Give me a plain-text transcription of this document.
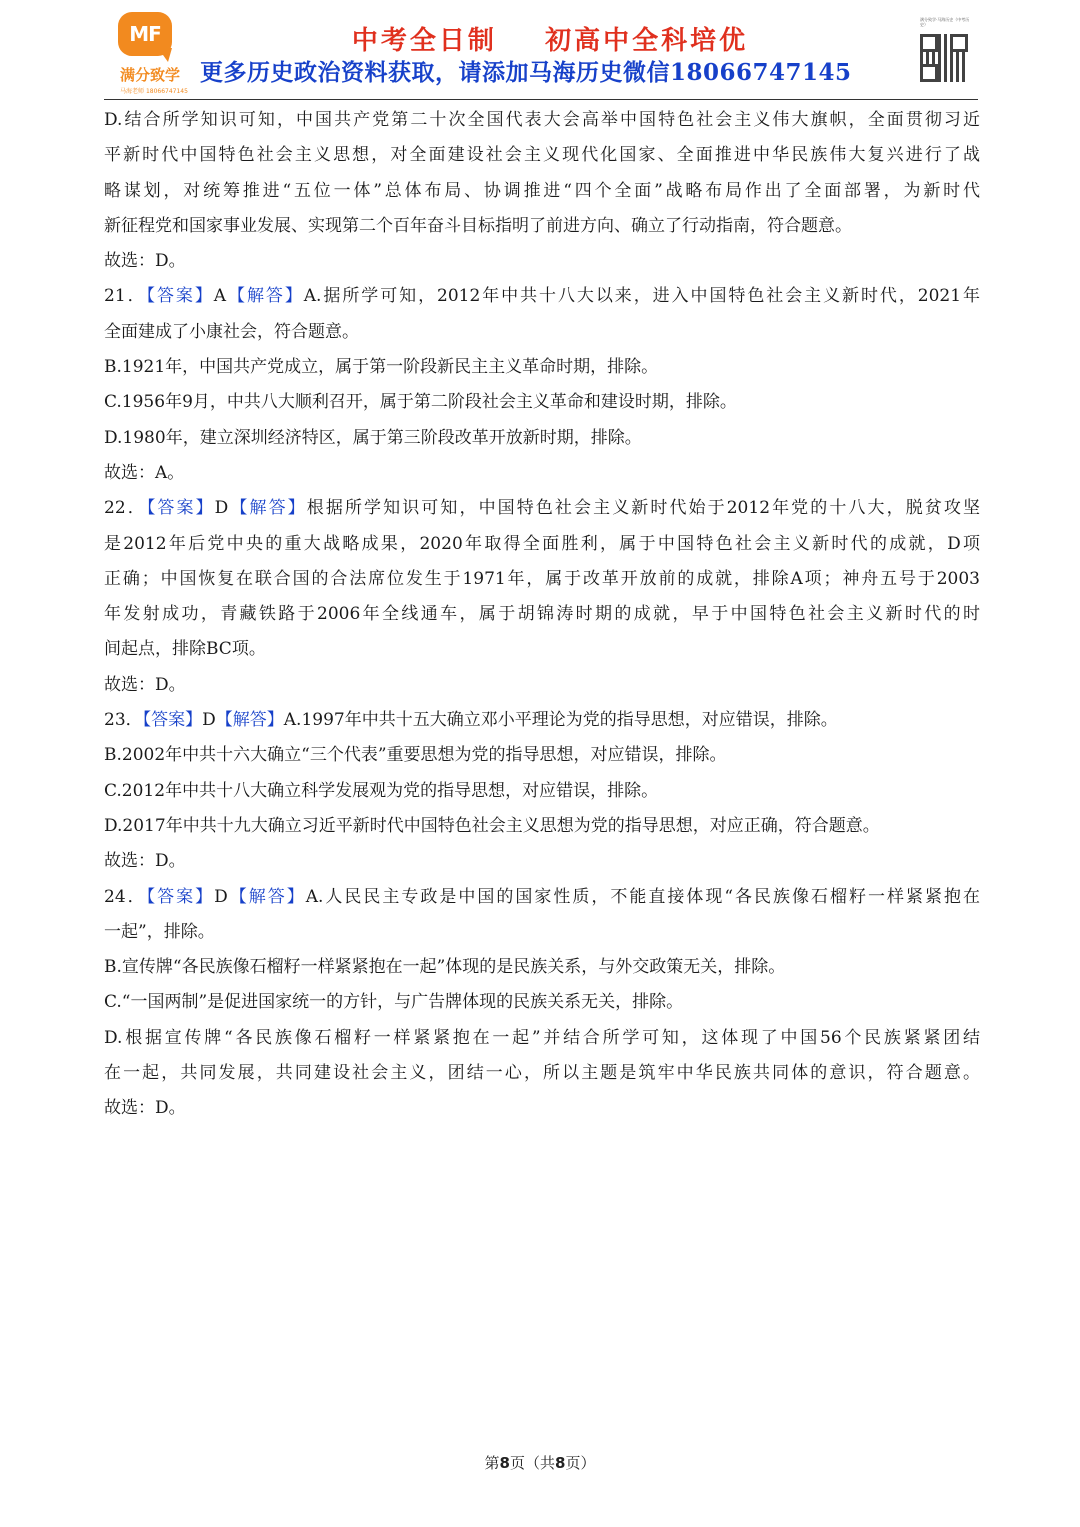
MF
满分致学
马海老师 18066747145
中考全日制    初高中全科培优
更多历史政治资料获取，请添加马海历史微信18066747145
满分致学·马海历史（中考历史）
D.结合所学知识可知，中国共产党第二十次全国代表大会高举中国特色社会主义伟大旗帜，全面贯彻习近
平新时代中国特色社会主义思想，对全面建设社会主义现代化国家、全面推进中华民族伟大复兴进行了战
略谋划，对统筹推进“五位一体”总体布局、协调推进“四个全面”战略布局作出了全面部署，为新时代
新征程党和国家事业发展、实现第二个百年奋斗目标指明了前进方向、确立了行动指南，符合题意。
故选：D。
21．【答案】A【解答】A.据所学可知，2012年中共十八大以来，进入中国特色社会主义新时代，2021年
全面建成了小康社会，符合题意。
B.1921年，中国共产党成立，属于第一阶段新民主主义革命时期，排除。
C.1956年9月，中共八大顺利召开，属于第二阶段社会主义革命和建设时期，排除。
D.1980年，建立深圳经济特区，属于第三阶段改革开放新时期，排除。
故选：A。
22．【答案】D【解答】根据所学知识可知，中国特色社会主义新时代始于2012年党的十八大，脱贫攻坚
是2012年后党中央的重大战略成果，2020年取得全面胜利，属于中国特色社会主义新时代的成就，D项
正确；中国恢复在联合国的合法席位发生于1971年，属于改革开放前的成就，排除A项；神舟五号于2003
年发射成功，青藏铁路于2006年全线通车，属于胡锦涛时期的成就，早于中国特色社会主义新时代的时
间起点，排除BC项。
故选：D。
23．【答案】D【解答】A.1997年中共十五大确立邓小平理论为党的指导思想，对应错误，排除。
B.2002年中共十六大确立“三个代表”重要思想为党的指导思想，对应错误，排除。
C.2012年中共十八大确立科学发展观为党的指导思想，对应错误，排除。
D.2017年中共十九大确立习近平新时代中国特色社会主义思想为党的指导思想，对应正确，符合题意。
故选：D。
24．【答案】D【解答】A.人民民主专政是中国的国家性质，不能直接体现“各民族像石榴籽一样紧紧抱在
一起”，排除。
B.宣传牌“各民族像石榴籽一样紧紧抱在一起”体现的是民族关系，与外交政策无关，排除。
C.“一国两制”是促进国家统一的方针，与广告牌体现的民族关系无关，排除。
D.根据宣传牌“各民族像石榴籽一样紧紧抱在一起”并结合所学可知，这体现了中国56个民族紧紧团结
在一起，共同发展，共同建设社会主义，团结一心，所以主题是筑牢中华民族共同体的意识，符合题意。
故选：D。
第8页（共8页）
